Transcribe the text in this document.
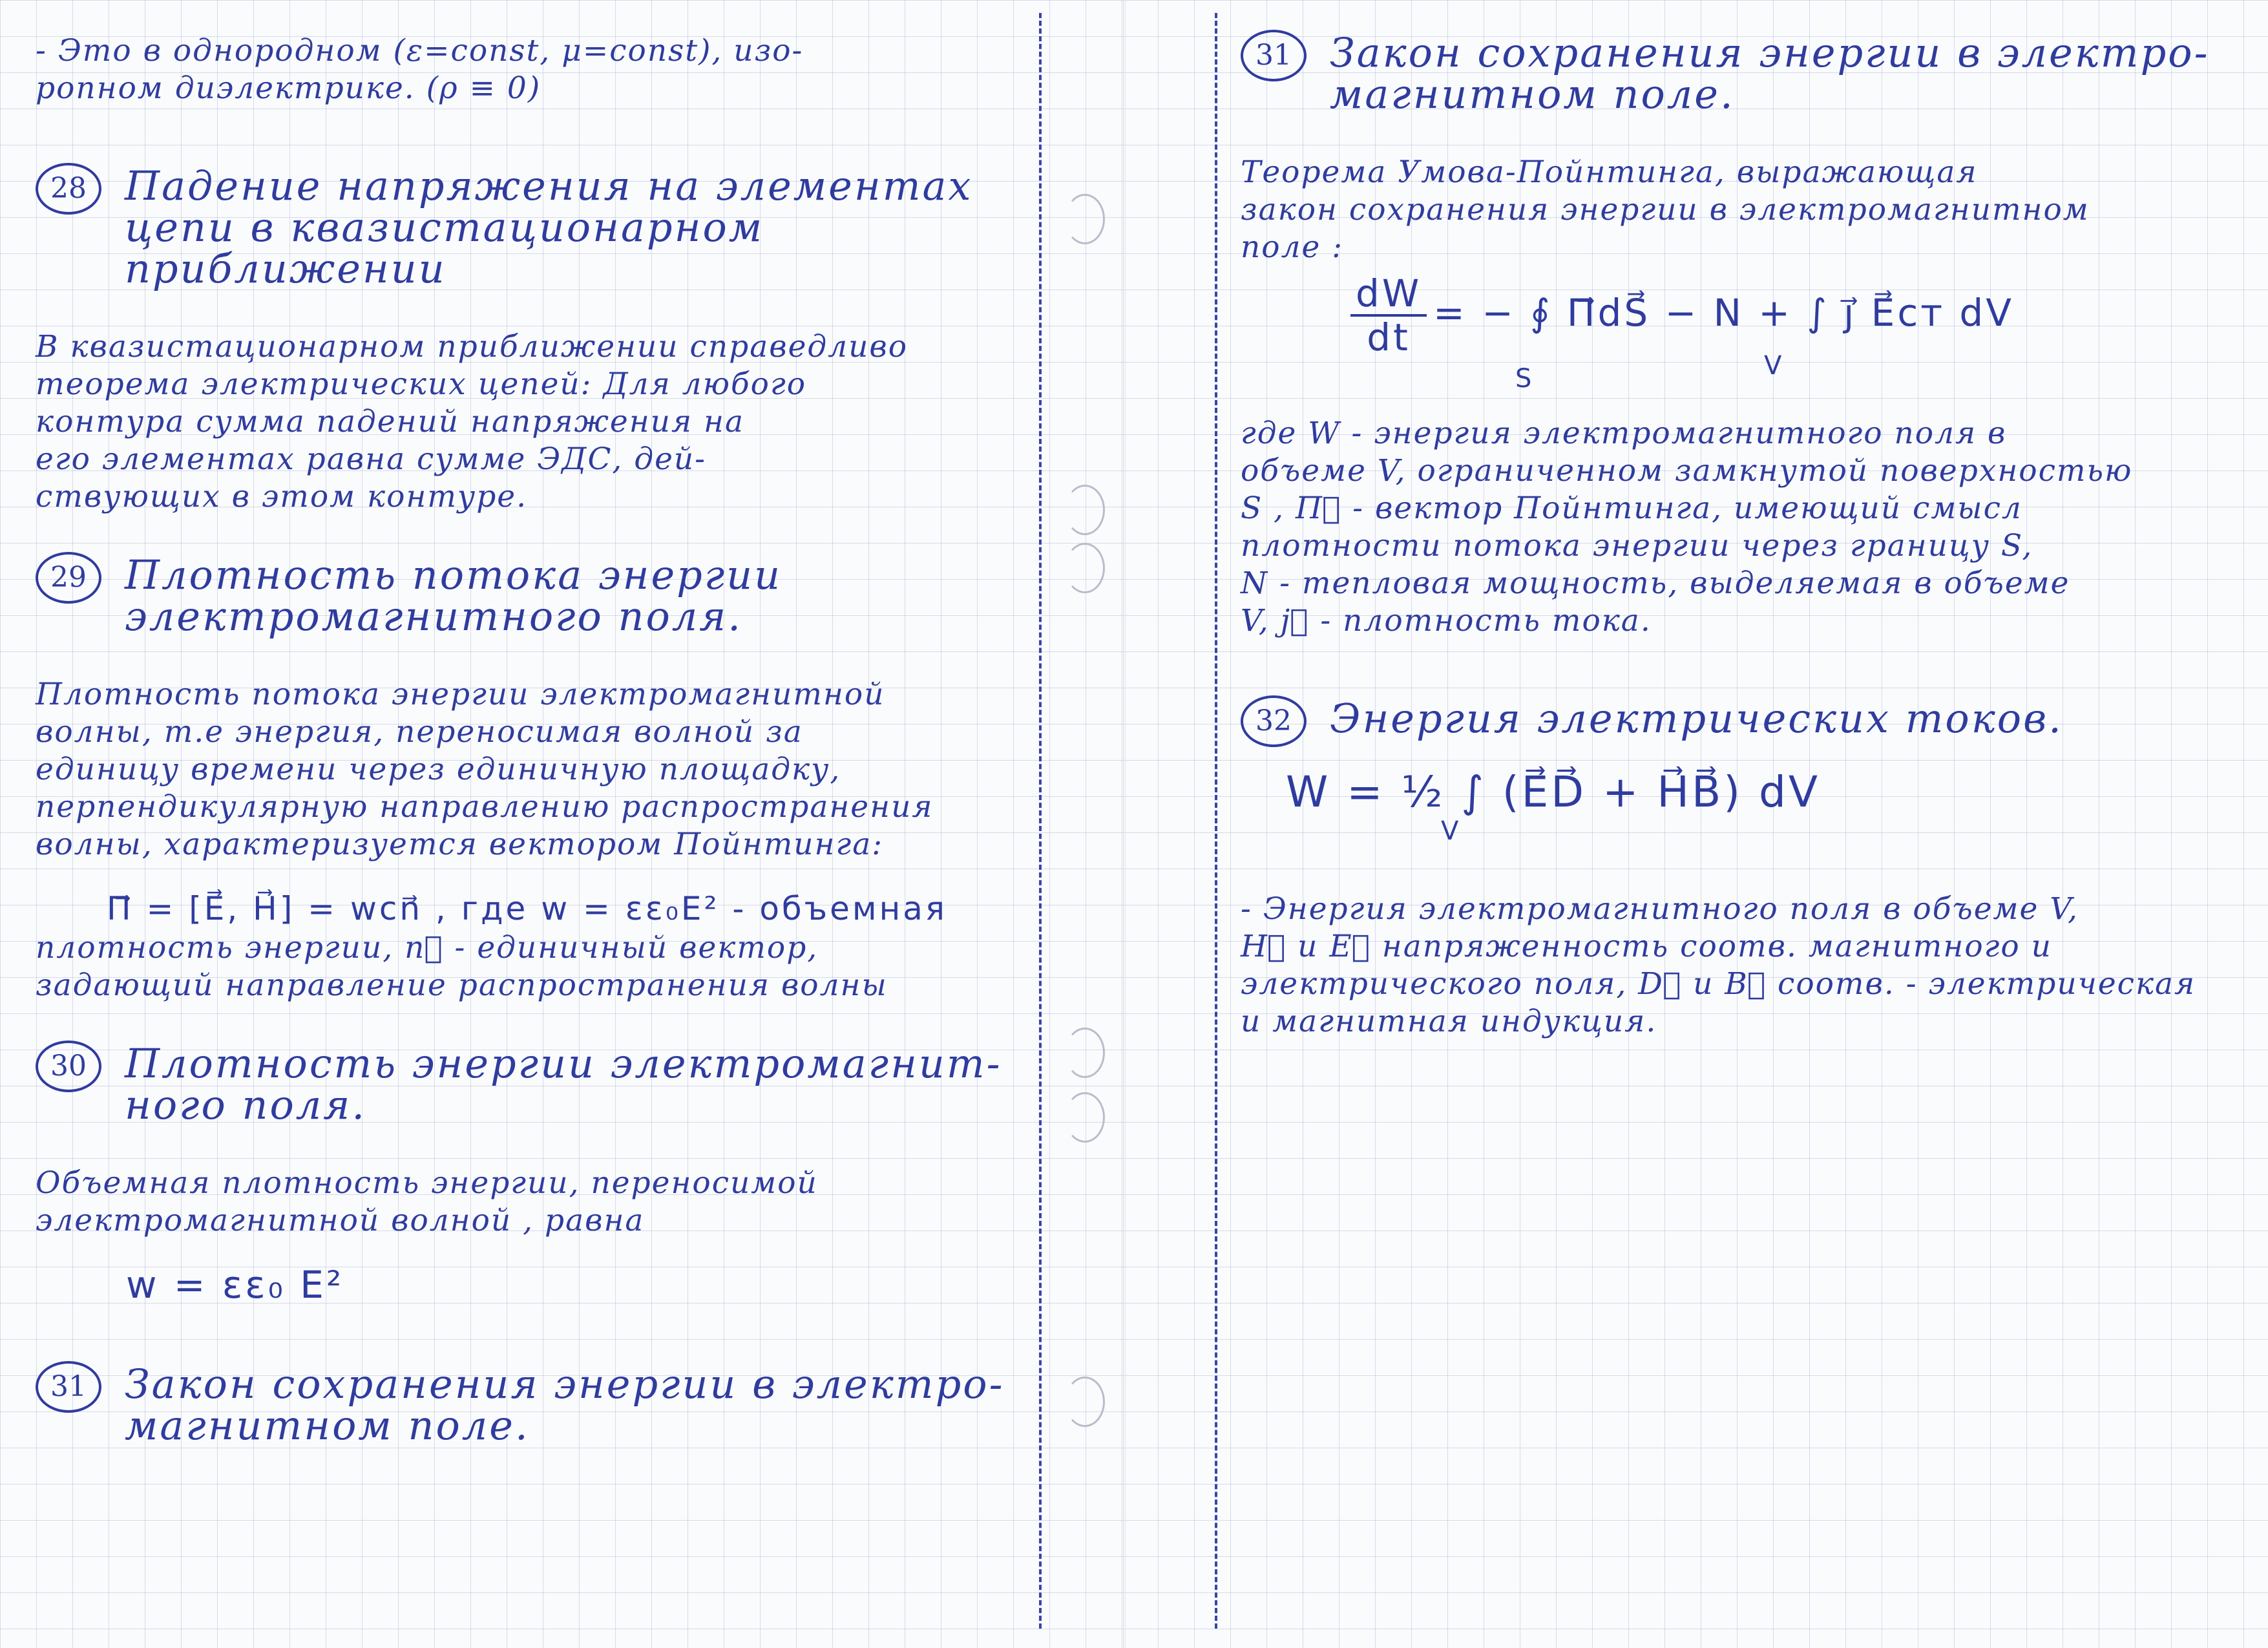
- Это в однородном (ε=const, μ=const), изо-
ропном диэлектрике. (ρ ≡ 0)
28 Падение напряжения на элементах
цепи в квазистационарном приближении
В квазистационарном приближении справедливо
теорема электрических цепей: Для любого
контура сумма падений напряжения на
его элементах равна сумме ЭДС, дей-
ствующих в этом контуре.
29 Плотность потока энергии
электромагнитного поля.
Плотность потока энергии электромагнитной
волны, т.е энергия, переносимая волной за
единицу времени через единичную площадку,
перпендикулярную направлению распространения
волны, характеризуется вектором Пойнтинга:
Π⃗ = [E⃗, H⃗] = wcn⃗ , где w = εε₀E² - объемная
плотность энергии, n⃗ - единичный вектор,
задающий направление распространения волны
30 Плотность энергии электромагнит-
ного поля.
Объемная плотность энергии, переносимой
электромагнитной волной , равна
w = εε₀ E²
31 Закон сохранения энергии в электро-
магнитном поле.
31 Закон сохранения энергии в электро-
магнитном поле.
Теорема Умова-Пойнтинга, выражающая
закон сохранения энергии в электромагнитном
поле :
$\frac{dW}{dt}$ = − ∮ Π⃗dS⃗ − N + ∫ j⃗ E⃗ст dV
S	V
где W - энергия электромагнитного поля в
объеме V, ограниченном замкнутой поверхностью
S , Π⃗ - вектор Пойнтинга, имеющий смысл
плотности потока энергии через границу S,
N - тепловая мощность, выделяемая в объеме
V, j⃗ - плотность тока.
32 Энергия электрических токов.
W = ½ ∫ (E⃗D⃗ + H⃗B⃗) dV
V
- Энергия электромагнитного поля в объеме V,
H⃗ и E⃗ напряженность соотв. магнитного и
электрического поля, D⃗ и B⃗ соотв. - электрическая
и магнитная индукция.
